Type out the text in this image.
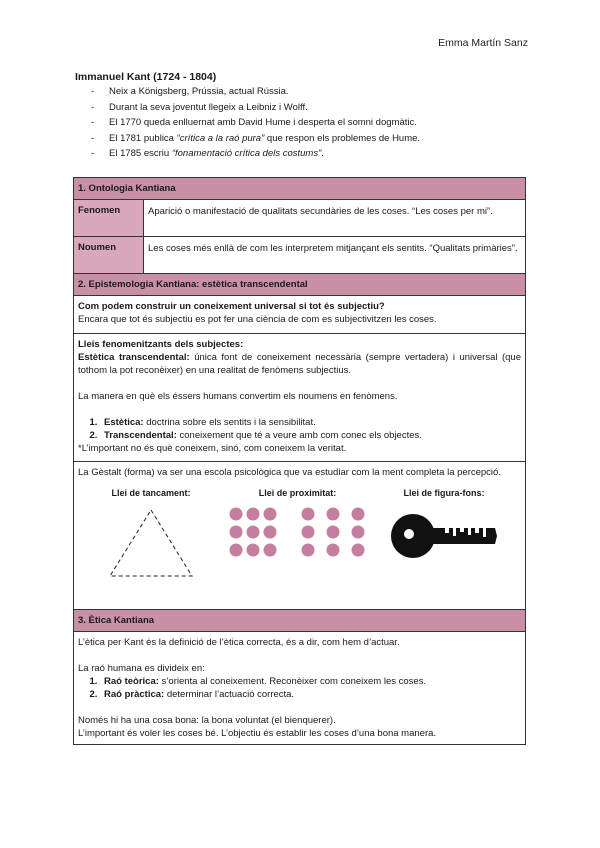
Emma Martín Sanz
Immanuel Kant (1724 - 1804)
- Neix a Königsberg, Prússia, actual Rússia.
- Durant la seva joventut llegeix a Leibniz i Wolff.
- El 1770 queda enlluernat amb David Hume i desperta el somni dogmàtic.
- El 1781 publica “crítica a la raó pura” que respon els problemes de Hume.
- El 1785 escriu “fonamentació crítica dels costums”.
1. Ontologia Kantiana
Fenomen	Aparició o manifestació de qualitats secundàries de les coses. “Les coses per mi”.
Noumen	Les coses més enllà de com les interpretem mitjançant els sentits. “Qualitats primàries”.
2. Epistemologia Kantiana: estètica transcendental

Com podem construir un coneixement universal si tot és subjectiu?

Encara que tot és subjectiu es pot fer una ciència de com es subjectivitzen les coses.

Lleis fenomenitzants dels subjectes:

Estètica transcendental: única font de coneixement necessària (sempre vertadera) i universal (que tothom la pot reconèixer) en una realitat de fenòmens subjectius.

La manera en què els éssers humans convertim els noumens en fenòmens.

1. Estètica: doctrina sobre els sentits i la sensibilitat.
2. Transcendental: coneixement que té a veure amb com conec els objectes.

*L’important no és què coneixem, sinó, com coneixem la veritat.

La Gèstalt (forma) va ser una escola psicològica que va estudiar com la ment completa la percepció.

Llei de tancament:	Llei de proximitat:	Llei de figura-fons:
3. Ètica Kantiana

L’ètica per Kant és la definició de l’ètica correcta, és a dir, com hem d’actuar.

La raó humana es divideix en:

1. Raó teòrica: s’orienta al coneixement. Reconèixer com coneixem les coses.
2. Raó pràctica: determinar l’actuació correcta.

Només hi ha una cosa bona: la bona voluntat (el bienquerer).

L’important és voler les coses bé. L’objectiu és establir les coses d’una bona manera.
